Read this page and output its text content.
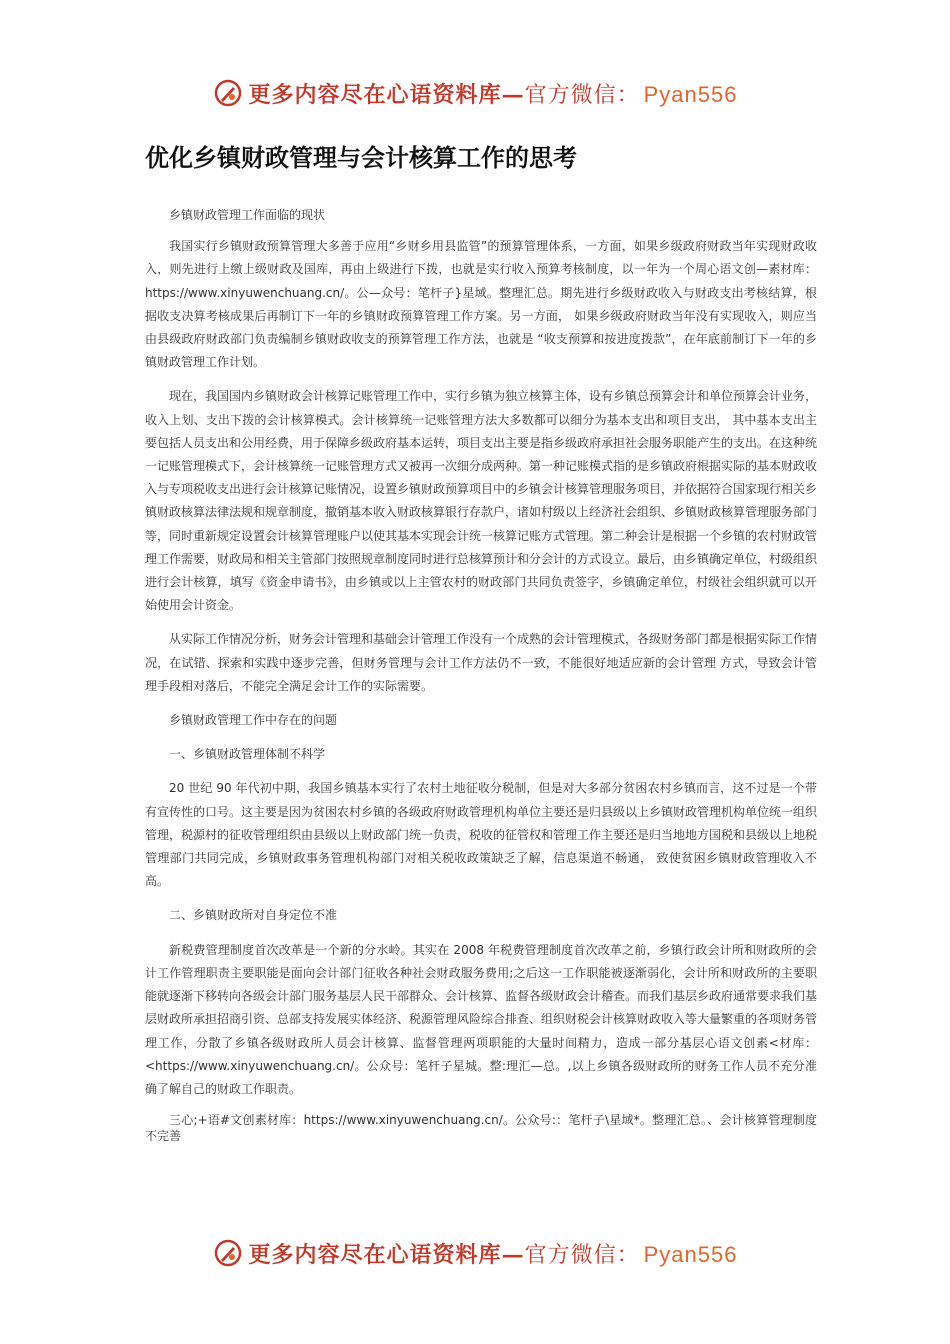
更多内容尽在心语资料库—官方微信： Pyan556
优化乡镇财政管理与会计核算工作的思考

乡镇财政管理工作面临的现状

我国实行乡镇财政预算管理大多善于应用“乡财乡用县监管”的预算管理体系，一方面，如果乡级政府财政当年实现财政收入，则先进行上缴上级财政及国库，再由上级进行下拨，也就是实行收入预算考核制度，以一年为一个周心语文创—素材库：https://www.xinyuwenchuang.cn/。公—众号：笔杆子}星域。整理汇总。期先进行乡级财政收入与财政支出考核结算，根据收支决算考核成果后再制订下一年的乡镇财政预算管理工作方案。另一方面， 如果乡级政府财政当年没有实现收入，则应当由县级政府财政部门负责编制乡镇财政收支的预算管理工作方法，也就是 “收支预算和按进度拨款”，在年底前制订下一年的乡镇财政管理工作计划。

现在，我国国内乡镇财政会计核算记账管理工作中，实行乡镇为独立核算主体，设有乡镇总预算会计和单位预算会计业务，收入上划、支出下拨的会计核算模式。会计核算统一记账管理方法大多数都可以细分为基本支出和项目支出， 其中基本支出主要包括人员支出和公用经费，用于保障乡级政府基本运转，项目支出主要是指乡级政府承担社会服务职能产生的支出。在这种统一记账管理模式下，会计核算统一记账管理方式又被再一次细分成两种。第一种记账模式指的是乡镇政府根据实际的基本财政收入与专项税收支出进行会计核算记账情况，设置乡镇财政预算项目中的乡镇会计核算管理服务项目，并依据符合国家现行相关乡镇财政核算法律法规和规章制度，撤销基本收入财政核算银行存款户，诸如村级以上经济社会组织、乡镇财政核算管理服务部门等，同时重新规定设置会计核算管理账户以使其基本实现会计统一核算记账方式管理。第二种会计是根据一个乡镇的农村财政管理工作需要，财政局和相关主管部门按照规章制度同时进行总核算预计和分会计的方式设立。最后，由乡镇确定单位，村级组织进行会计核算，填写《资金申请书》，由乡镇或以上主管农村的财政部门共同负责签字，乡镇确定单位，村级社会组织就可以开始使用会计资金。

从实际工作情况分析，财务会计管理和基础会计管理工作没有一个成熟的会计管理模式，各级财务部门都是根据实际工作情况，在试错、探索和实践中逐步完善，但财务管理与会计工作方法仍不一致，不能很好地适应新的会计管理 方式，导致会计管理手段相对落后，不能完全满足会计工作的实际需要。

乡镇财政管理工作中存在的问题

一、乡镇财政管理体制不科学

20 世纪 90 年代初中期，我国乡镇基本实行了农村土地征收分税制，但是对大多部分贫困农村乡镇而言，这不过是一个带有宣传性的口号。这主要是因为贫困农村乡镇的各级政府财政管理机构单位主要还是归县级以上乡镇财政管理机构单位统一组织管理，税源村的征收管理组织由县级以上财政部门统一负责，税收的征管权和管理工作主要还是归当地地方国税和县级以上地税管理部门共同完成，乡镇财政事务管理机构部门对相关税收政策缺乏了解，信息渠道不畅通， 致使贫困乡镇财政管理收入不高。

二、乡镇财政所对自身定位不准

新税费管理制度首次改革是一个新的分水岭。其实在 2008 年税费管理制度首次改革之前，乡镇行政会计所和财政所的会计工作管理职责主要职能是面向会计部门征收各种社会财政服务费用;之后这一工作职能被逐渐弱化，会计所和财政所的主要职能就逐渐下移转向各级会计部门服务基层人民干部群众、会计核算、监督各级财政会计稽查。而我们基层乡政府通常要求我们基层财政所承担招商引资、总部支持发展实体经济、税源管理风险综合排查、组织财税会计核算财政收入等大量繁重的各项财务管理工作，分散了乡镇各级财政所人员会计核算、监督管理两项职能的大量时间精力，造成一部分基层心语文创素<材库：<https://www.xinyuwenchuang.cn/。公众号：笔杆子星城。整:理汇—总。,以上乡镇各级财政所的财务工作人员不充分准确了解自己的财政工作职责。

三心;+语#文创素材库：https://www.xinyuwenchuang.cn/。公众号:：笔杆子\星域*。整理汇总。、会计核算管理制度不完善

更多内容尽在心语资料库—官方微信： Pyan556
